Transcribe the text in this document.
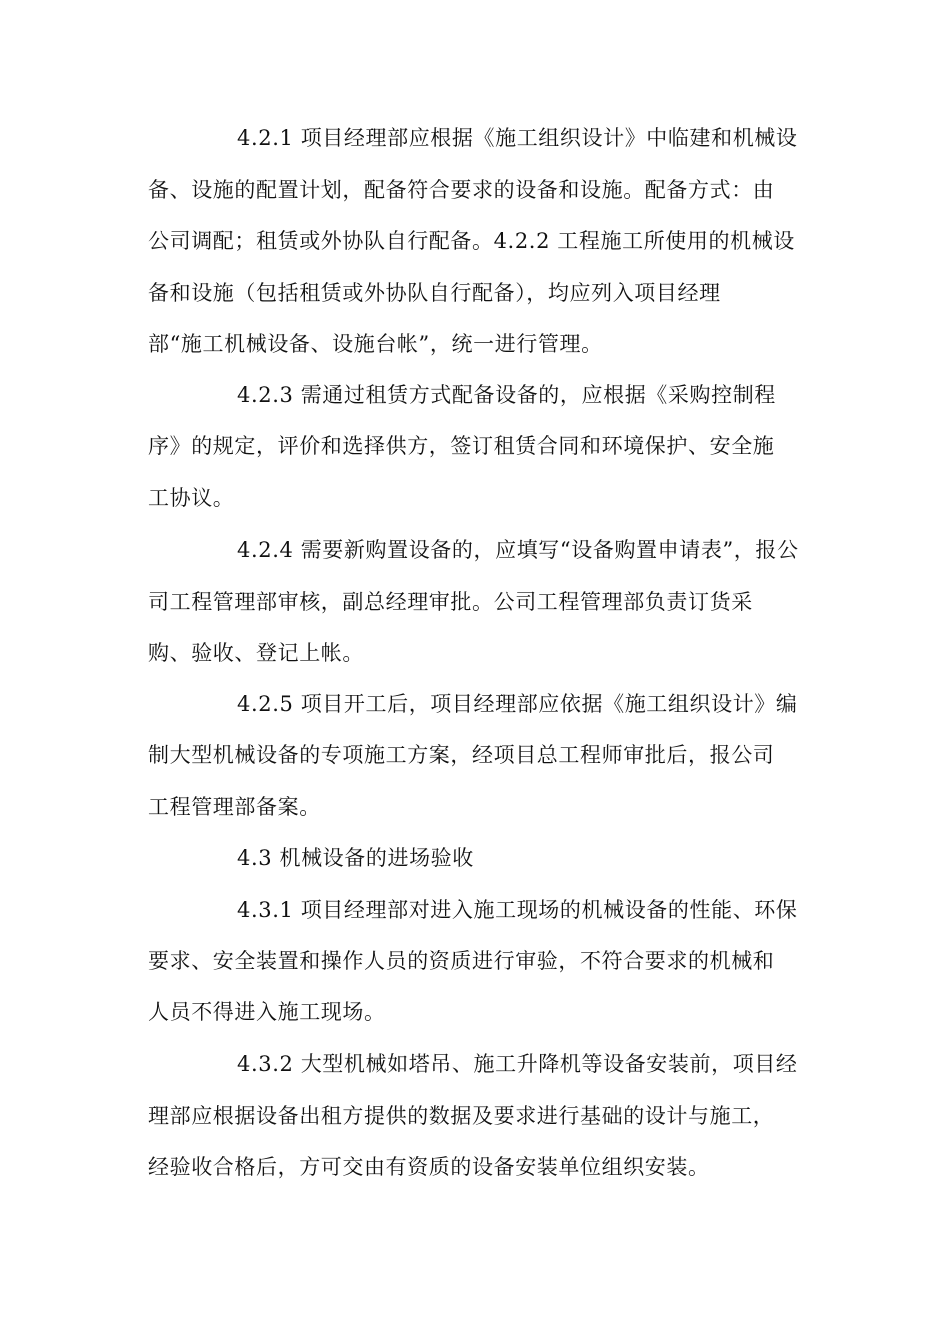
4.2.1 项目经理部应根据《施工组织设计》中临建和机械设
备、设施的配置计划，配备符合要求的设备和设施。配备方式：由
公司调配；租赁或外协队自行配备。4.2.2 工程施工所使用的机械设
备和设施（包括租赁或外协队自行配备），均应列入项目经理
部“施工机械设备、设施台帐”，统一进行管理。
4.2.3 需通过租赁方式配备设备的，应根据《采购控制程
序》的规定，评价和选择供方，签订租赁合同和环境保护、安全施
工协议。
4.2.4 需要新购置设备的，应填写“设备购置申请表”，报公
司工程管理部审核，副总经理审批。公司工程管理部负责订货采
购、验收、登记上帐。
4.2.5 项目开工后，项目经理部应依据《施工组织设计》编
制大型机械设备的专项施工方案，经项目总工程师审批后，报公司
工程管理部备案。
4.3 机械设备的进场验收
4.3.1 项目经理部对进入施工现场的机械设备的性能、环保
要求、安全装置和操作人员的资质进行审验，不符合要求的机械和
人员不得进入施工现场。
4.3.2 大型机械如塔吊、施工升降机等设备安装前，项目经
理部应根据设备出租方提供的数据及要求进行基础的设计与施工，
经验收合格后，方可交由有资质的设备安装单位组织安装。
